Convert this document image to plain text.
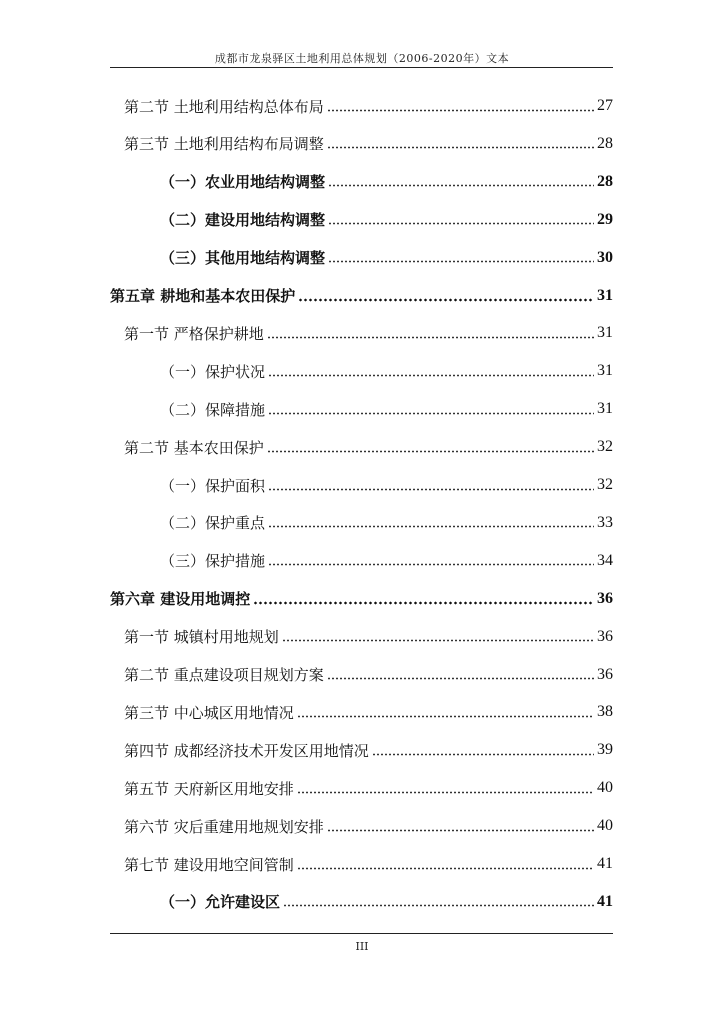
成都市龙泉驿区土地利用总体规划（2006-2020年）文本
第二节 土地利用结构总体布局	27
第三节 土地利用结构布局调整	28
（一）农业用地结构调整	28
（二）建设用地结构调整	29
（三）其他用地结构调整	30
第五章 耕地和基本农田保护	31
第一节 严格保护耕地	31
（一）保护状况	31
（二）保障措施	31
第二节 基本农田保护	32
（一）保护面积	32
（二）保护重点	33
（三）保护措施	34
第六章 建设用地调控	36
第一节 城镇村用地规划	36
第二节 重点建设项目规划方案	36
第三节 中心城区用地情况	38
第四节 成都经济技术开发区用地情况	39
第五节 天府新区用地安排	40
第六节 灾后重建用地规划安排	40
第七节 建设用地空间管制	41
（一）允许建设区	41
III
